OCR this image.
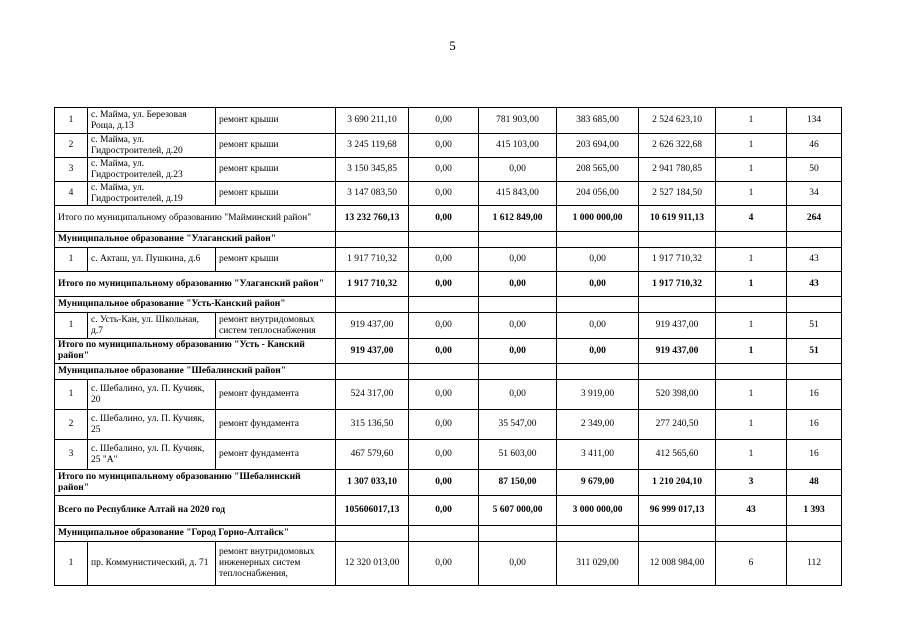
5
1	с. Майма, ул. Березовая Роща, д.13	ремонт крыши	3 690 211,10	0,00	781 903,00	383 685,00	2 524 623,10	1	134
2	с. Майма, ул. Гидростроителей, д.20	ремонт крыши	3 245 119,68	0,00	415 103,00	203 694,00	2 626 322,68	1	46
3	с. Майма, ул. Гидростроителей, д.23	ремонт крыши	3 150 345,85	0,00	0,00	208 565,00	2 941 780,85	1	50
4	с. Майма, ул. Гидростроителей, д.19	ремонт крыши	3 147 083,50	0,00	415 843,00	204 056,00	2 527 184,50	1	34
Итого по муниципальному образованию "Майминский район"			13 232 760,13	0,00	1 612 849,00	1 000 000,00	10 619 911,13	4	264
Муниципальное образование "Улаганский район"									
1	с. Акташ, ул. Пушкина, д.6	ремонт крыши	1 917 710,32	0,00	0,00	0,00	1 917 710,32	1	43
Итого по муниципальному образованию "Улаганский район"			1 917 710,32	0,00	0,00	0,00	1 917 710,32	1	43
Муниципальное образование "Усть-Канский район"									
1	с. Усть-Кан, ул. Школьная, д.7	ремонт внутридомовых систем теплоснабжения	919 437,00	0,00	0,00	0,00	919 437,00	1	51
Итого по муниципальному образованию "Усть - Канский район"			919 437,00	0,00	0,00	0,00	919 437,00	1	51
Муниципальное образование "Шебалинский район"									
1	с. Шебалино, ул. П. Кучияк, 20	ремонт фундамента	524 317,00	0,00	0,00	3 919,00	520 398,00	1	16
2	с. Шебалино, ул. П. Кучияк, 25	ремонт фундамента	315 136,50	0,00	35 547,00	2 349,00	277 240,50	1	16
3	с. Шебалино, ул. П. Кучияк, 25 "А"	ремонт фундамента	467 579,60	0,00	51 603,00	3 411,00	412 565,60	1	16
Итого по муниципальному образованию "Шебалинский район"			1 307 033,10	0,00	87 150,00	9 679,00	1 210 204,10	3	48
Всего по Республике Алтай на 2020 год			105606017,13	0,00	5 607 000,00	3 000 000,00	96 999 017,13	43	1 393
Муниципальное образование "Город Горно-Алтайск"									
1	пр. Коммунистический, д. 71	ремонт внутридомовых инженерных систем теплоснабжения,	12 320 013,00	0,00	0,00	311 029,00	12 008 984,00	6	112
